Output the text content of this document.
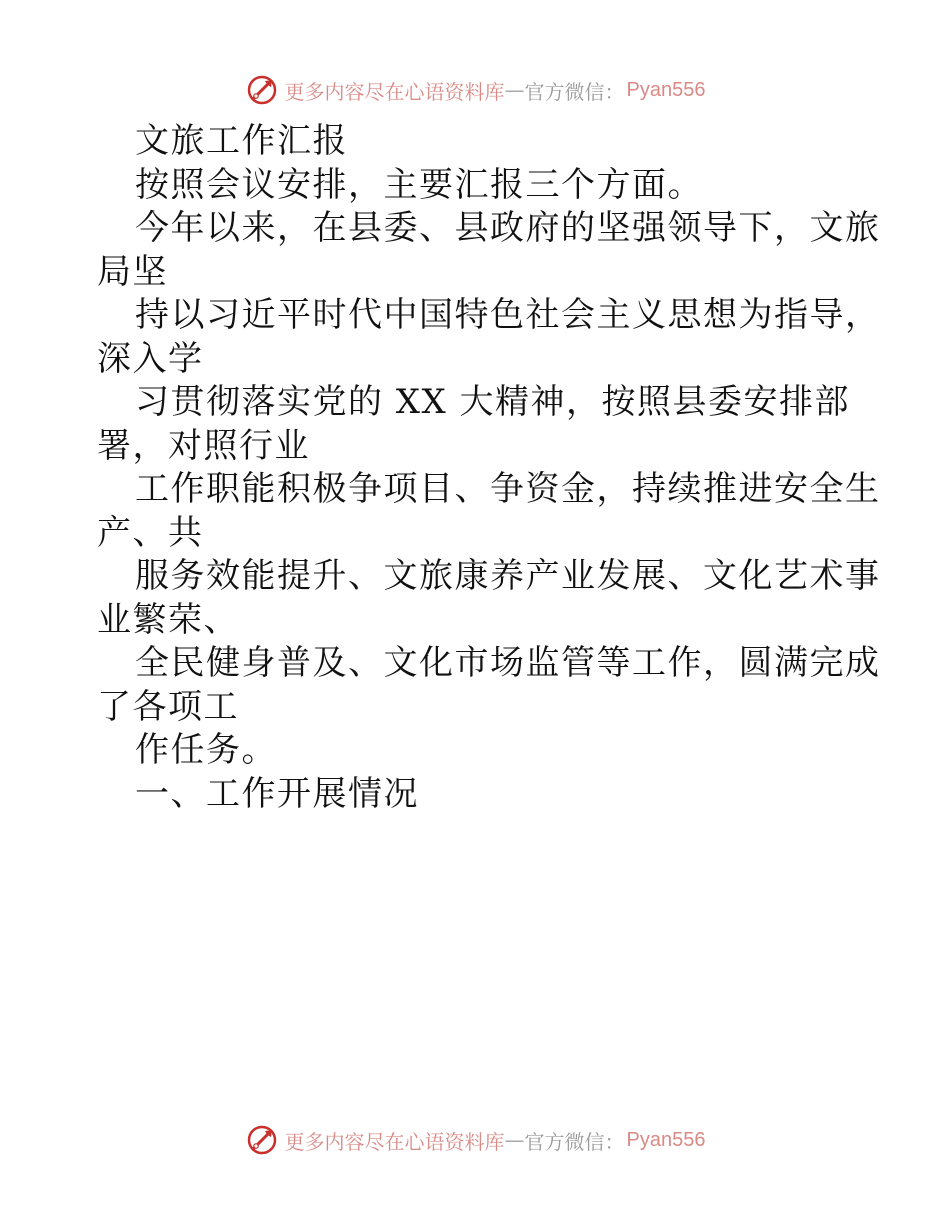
更多内容尽在心语资料库 — 官方微信： Pyan556
文旅工作汇报
按照会议安排，主要汇报三个方面。
今年以来，在县委、县政府的坚强领导下，文旅
局坚
持以习近平时代中国特色社会主义思想为指导，
深入学
习贯彻落实党的 XX 大精神，按照县委安排部
署，对照行业
工作职能积极争项目、争资金，持续推进安全生
产、共
服务效能提升、文旅康养产业发展、文化艺术事
业繁荣、
全民健身普及、文化市场监管等工作，圆满完成
了各项工
作任务。
一、工作开展情况
更多内容尽在心语资料库 — 官方微信： Pyan556
